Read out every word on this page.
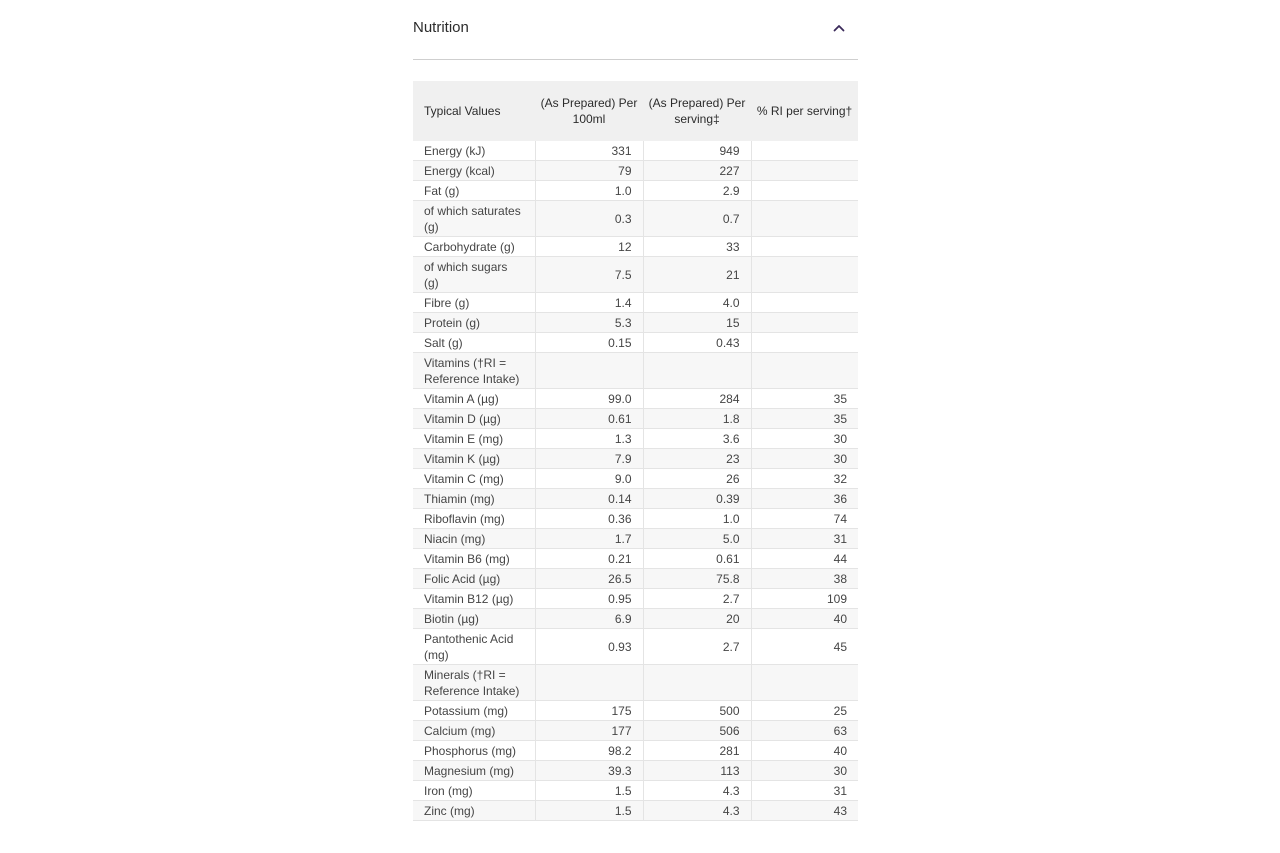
Nutrition
Typical Values	(As Prepared) Per 100ml	(As Prepared) Per serving‡	% RI per serving†
Energy (kJ)	331	949	
Energy (kcal)	79	227	
Fat (g)	1.0	2.9	
of which saturates (g)	0.3	0.7	
Carbohydrate (g)	12	33	
of which sugars (g)	7.5	21	
Fibre (g)	1.4	4.0	
Protein (g)	5.3	15	
Salt (g)	0.15	0.43	
Vitamins (†RI = Reference Intake)			
Vitamin A (µg)	99.0	284	35
Vitamin D (µg)	0.61	1.8	35
Vitamin E (mg)	1.3	3.6	30
Vitamin K (µg)	7.9	23	30
Vitamin C (mg)	9.0	26	32
Thiamin (mg)	0.14	0.39	36
Riboflavin (mg)	0.36	1.0	74
Niacin (mg)	1.7	5.0	31
Vitamin B6 (mg)	0.21	0.61	44
Folic Acid (µg)	26.5	75.8	38
Vitamin B12 (µg)	0.95	2.7	109
Biotin (µg)	6.9	20	40
Pantothenic Acid (mg)	0.93	2.7	45
Minerals (†RI = Reference Intake)			
Potassium (mg)	175	500	25
Calcium (mg)	177	506	63
Phosphorus (mg)	98.2	281	40
Magnesium (mg)	39.3	113	30
Iron (mg)	1.5	4.3	31
Zinc (mg)	1.5	4.3	43
